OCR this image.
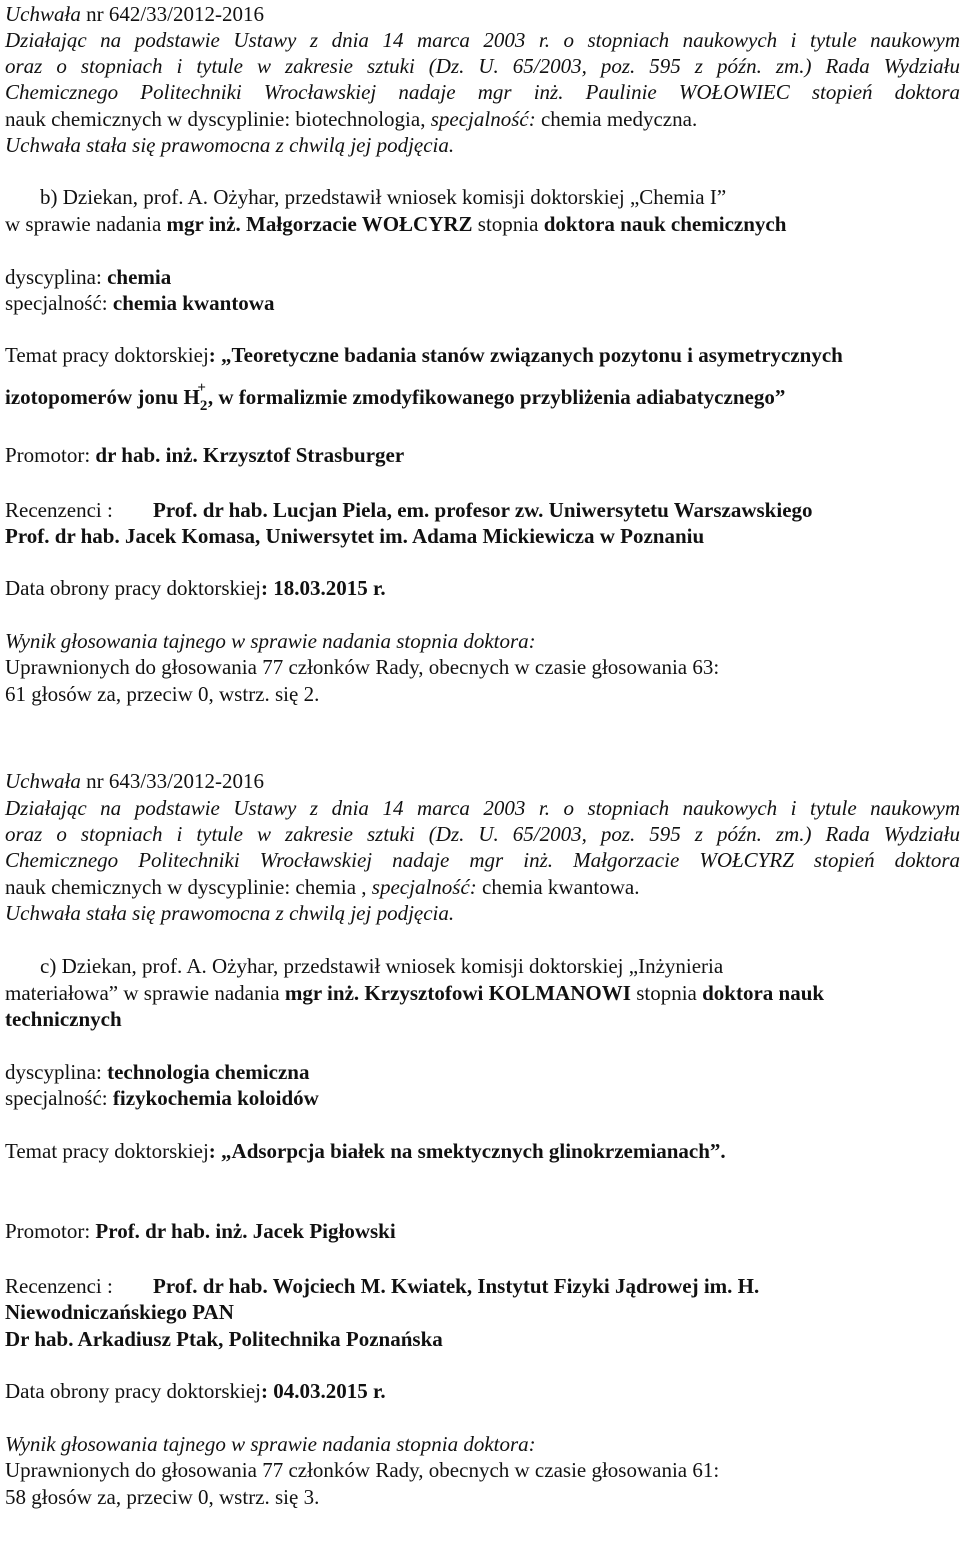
Uchwała nr 642/33/2012-2016
Działając na podstawie Ustawy z dnia 14 marca 2003 r. o stopniach naukowych i tytule naukowym
oraz o stopniach i tytule w zakresie sztuki (Dz. U. 65/2003, poz. 595 z późn. zm.) Rada Wydziału
Chemicznego Politechniki Wrocławskiej nadaje mgr inż. Paulinie WOŁOWIEC stopień doktora
nauk chemicznych w dyscyplinie: biotechnologia, specjalność: chemia medyczna.
Uchwała stała się prawomocna z chwilą jej podjęcia.
b) Dziekan, prof. A. Ożyhar, przedstawił wniosek komisji doktorskiej „Chemia I”
w sprawie nadania mgr inż. Małgorzacie WOŁCYRZ stopnia doktora nauk chemicznych
dyscyplina: chemia
specjalność: chemia kwantowa
Temat pracy doktorskiej: „Teoretyczne badania stanów związanych pozytonu i asymetrycznych
izotopomerów jonu $H_2^+$, w formalizmie zmodyfikowanego przybliżenia adiabatycznego”
Promotor: dr hab. inż. Krzysztof Strasburger
Recenzenci : Prof. dr hab. Lucjan Piela, em. profesor zw. Uniwersytetu Warszawskiego
Prof. dr hab. Jacek Komasa, Uniwersytet im. Adama Mickiewicza w Poznaniu
Data obrony pracy doktorskiej: 18.03.2015 r.
Wynik głosowania tajnego w sprawie nadania stopnia doktora:
Uprawnionych do głosowania 77 członków Rady, obecnych w czasie głosowania 63:
61 głosów za, przeciw 0, wstrz. się 2.
Uchwała nr 643/33/2012-2016
Działając na podstawie Ustawy z dnia 14 marca 2003 r. o stopniach naukowych i tytule naukowym
oraz o stopniach i tytule w zakresie sztuki (Dz. U. 65/2003, poz. 595 z późn. zm.) Rada Wydziału
Chemicznego Politechniki Wrocławskiej nadaje mgr inż. Małgorzacie WOŁCYRZ stopień doktora
nauk chemicznych w dyscyplinie: chemia , specjalność: chemia kwantowa.
Uchwała stała się prawomocna z chwilą jej podjęcia.
c) Dziekan, prof. A. Ożyhar, przedstawił wniosek komisji doktorskiej „Inżynieria
materiałowa” w sprawie nadania mgr inż. Krzysztofowi KOLMANOWI stopnia doktora nauk
technicznych
dyscyplina: technologia chemiczna
specjalność: fizykochemia koloidów
Temat pracy doktorskiej: „Adsorpcja białek na smektycznych glinokrzemianach”.
Promotor: Prof. dr hab. inż. Jacek Pigłowski
Recenzenci : Prof. dr hab. Wojciech M. Kwiatek, Instytut Fizyki Jądrowej im. H.
Niewodniczańskiego PAN
Dr hab. Arkadiusz Ptak, Politechnika Poznańska
Data obrony pracy doktorskiej: 04.03.2015 r.
Wynik głosowania tajnego w sprawie nadania stopnia doktora:
Uprawnionych do głosowania 77 członków Rady, obecnych w czasie głosowania 61:
58 głosów za, przeciw 0, wstrz. się 3.
